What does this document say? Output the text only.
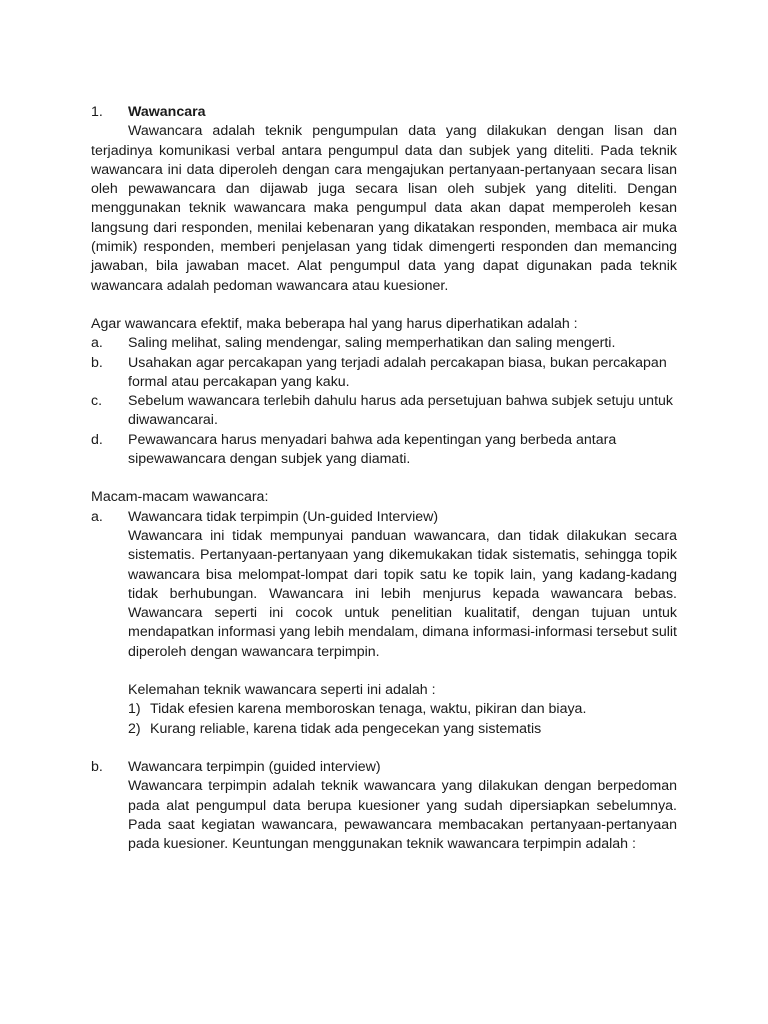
1.	Wawancara

Wawancara adalah teknik pengumpulan data yang dilakukan dengan lisan dan terjadinya komunikasi verbal antara pengumpul data dan subjek yang diteliti. Pada teknik wawancara ini data diperoleh dengan cara mengajukan pertanyaan-pertanyaan secara lisan oleh pewawancara dan dijawab juga secara lisan oleh subjek yang diteliti. Dengan menggunakan teknik wawancara maka pengumpul data akan dapat memperoleh kesan langsung dari responden, menilai kebenaran yang dikatakan responden, membaca air muka (mimik) responden, memberi penjelasan yang tidak dimengerti responden dan memancing jawaban, bila jawaban macet. Alat pengumpul data yang dapat digunakan pada teknik wawancara adalah pedoman wawancara atau kuesioner.

Agar wawancara efektif, maka beberapa hal yang harus diperhatikan adalah :

a.	Saling melihat, saling mendengar, saling memperhatikan dan saling mengerti.
b.	Usahakan agar percakapan yang terjadi adalah percakapan biasa, bukan percakapan formal atau percakapan yang kaku.
c.	Sebelum wawancara terlebih dahulu harus ada persetujuan bahwa subjek setuju untuk diwawancarai.
d.	Pewawancara harus menyadari bahwa ada kepentingan yang berbeda antara sipewawancara dengan subjek yang diamati.

Macam-macam wawancara:

a.	Wawancara tidak terpimpin (Un-guided Interview)

Wawancara ini tidak mempunyai panduan wawancara, dan tidak dilakukan secara sistematis. Pertanyaan-pertanyaan yang dikemukakan tidak sistematis, sehingga topik wawancara bisa melompat-lompat dari topik satu ke topik lain, yang kadang-kadang tidak berhubungan. Wawancara ini lebih menjurus kepada wawancara bebas. Wawancara seperti ini cocok untuk penelitian kualitatif, dengan tujuan untuk mendapatkan informasi yang lebih mendalam, dimana informasi-informasi tersebut sulit diperoleh dengan wawancara terpimpin.

Kelemahan teknik wawancara seperti ini adalah :

1) Tidak efesien karena memboroskan tenaga, waktu, pikiran dan biaya.
2) Kurang reliable, karena tidak ada pengecekan yang sistematis
b.	Wawancara terpimpin (guided interview)

Wawancara terpimpin adalah teknik wawancara yang dilakukan dengan berpedoman pada alat pengumpul data berupa kuesioner yang sudah dipersiapkan sebelumnya. Pada saat kegiatan wawancara, pewawancara membacakan pertanyaan-pertanyaan pada kuesioner. Keuntungan menggunakan teknik wawancara terpimpin adalah :
